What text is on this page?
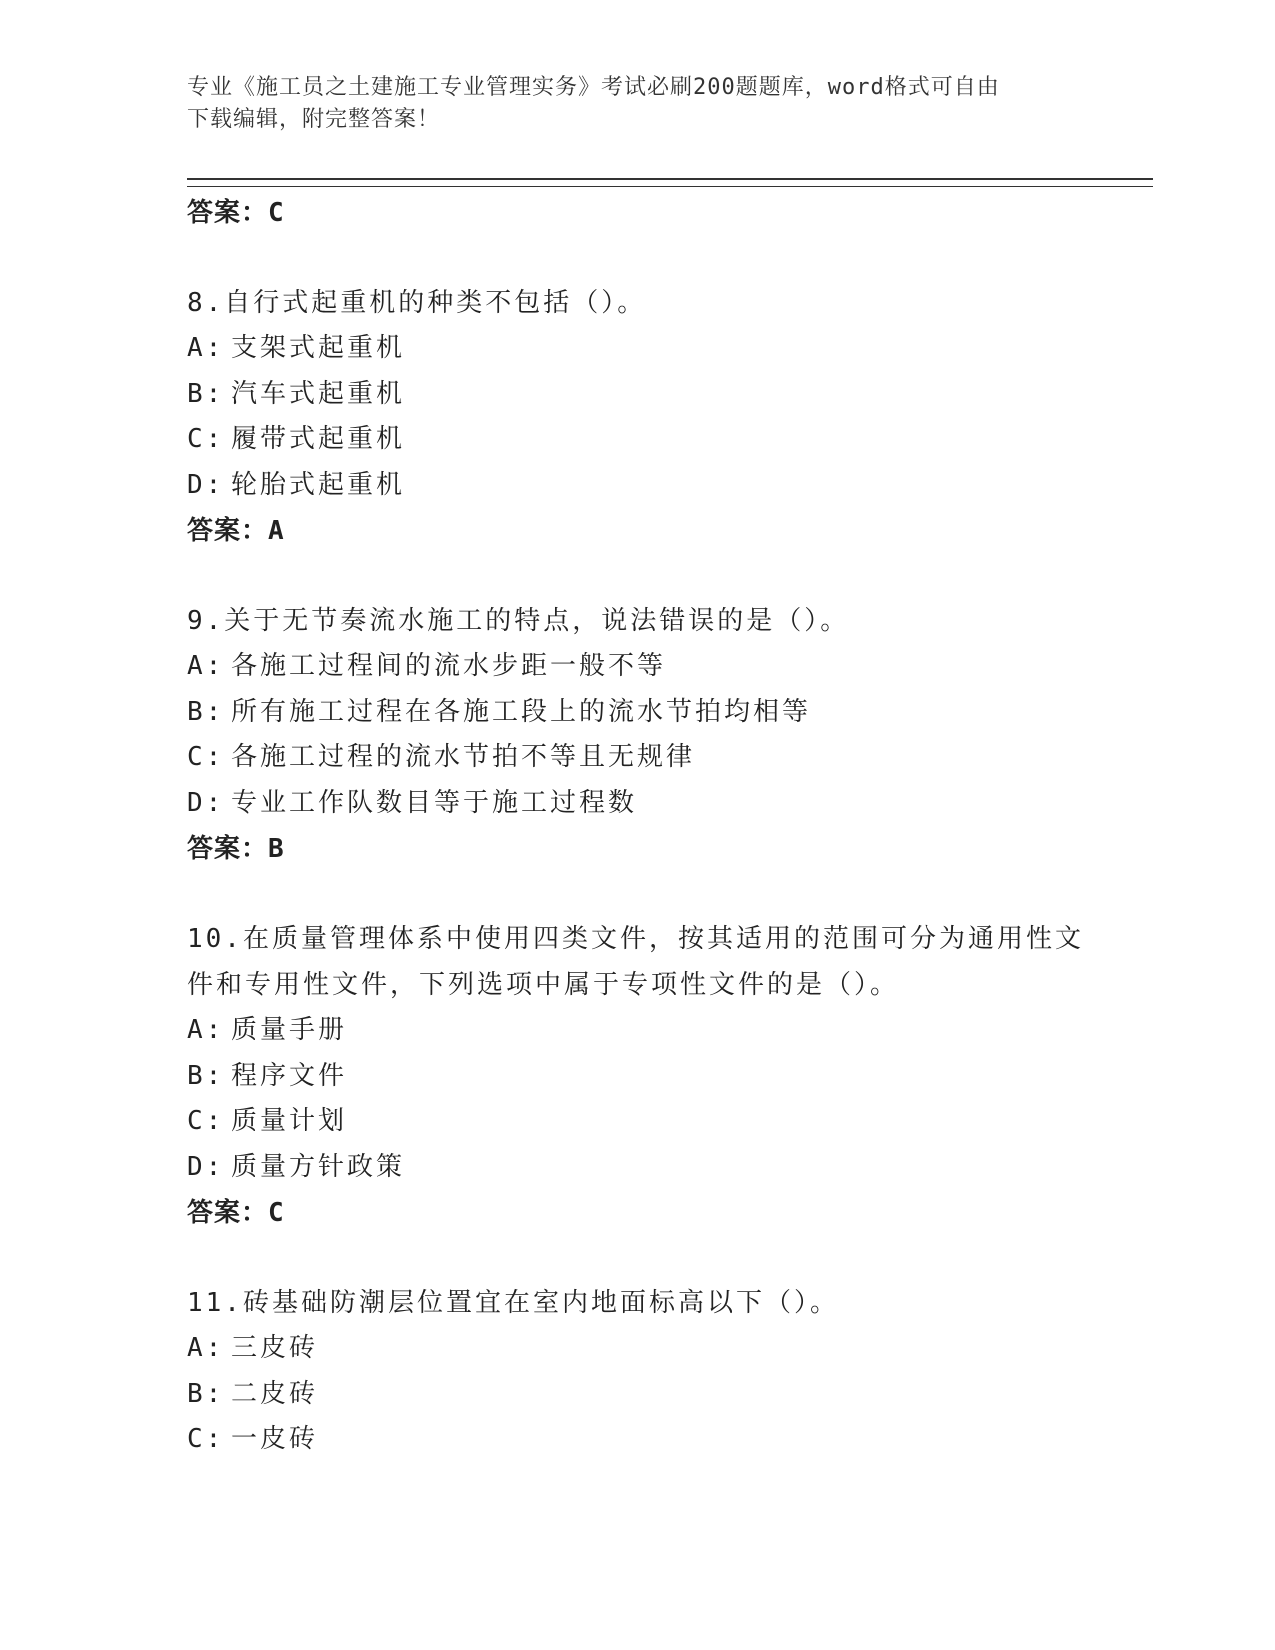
专业《施工员之土建施工专业管理实务》考试必刷200题题库，word格式可自由
下载编辑，附完整答案！
答案：C
8.自行式起重机的种类不包括（）。
A: 支架式起重机
B: 汽车式起重机
C: 履带式起重机
D: 轮胎式起重机
答案：A
9.关于无节奏流水施工的特点，说法错误的是（）。
A: 各施工过程间的流水步距一般不等
B: 所有施工过程在各施工段上的流水节拍均相等
C: 各施工过程的流水节拍不等且无规律
D: 专业工作队数目等于施工过程数
答案：B
10.在质量管理体系中使用四类文件，按其适用的范围可分为通用性文
件和专用性文件，下列选项中属于专项性文件的是（）。
A: 质量手册
B: 程序文件
C: 质量计划
D: 质量方针政策
答案：C
11.砖基础防潮层位置宜在室内地面标高以下（）。
A: 三皮砖
B: 二皮砖
C: 一皮砖
